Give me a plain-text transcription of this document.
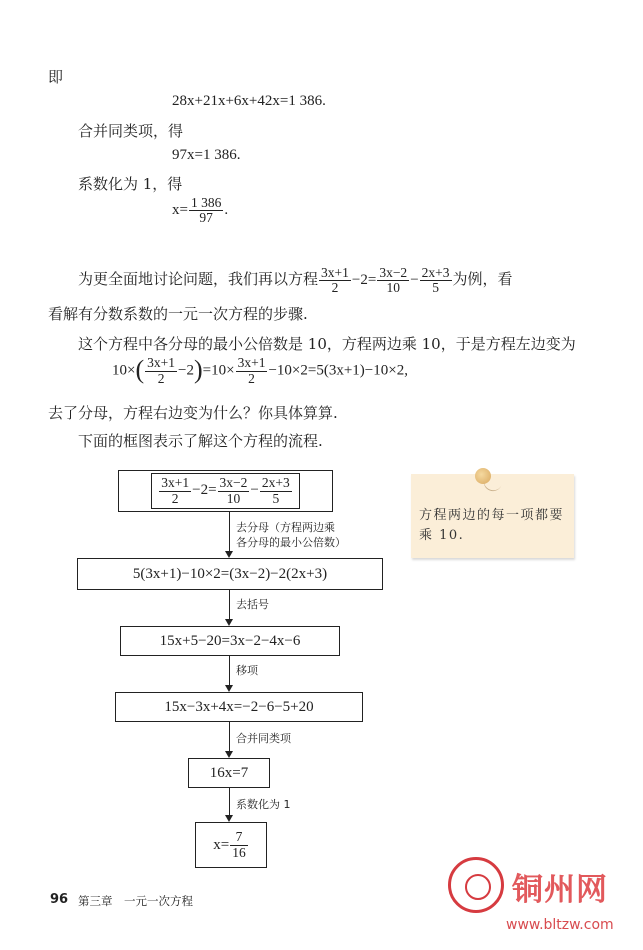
即
28x+21x+6x+42x=1 386.
合并同类项，得
97x=1 386.
系数化为 1，得
$x= \frac{1 386}{97}$ .
为更全面地讨论问题，我们再以方程 $\frac{3x+1}{2} -2= \frac{3x-2}{10} - \frac{2x+3}{5}$ 为例，看
看解有分数系数的一元一次方程的步骤.
这个方程中各分母的最小公倍数是 10，方程两边乘 10，于是方程左边变为
$10\times( \frac{3x+1}{2} -2)=10\times \frac{3x+1}{2} -10\times 2=5(3x+1)-10\times 2$,
去了分母，方程右边变为什么？你具体算算.
下面的框图表示了解这个方程的流程.
$\frac{3x+1}{2} -2= \frac{3x-2}{10} - \frac{2x+3}{5}$
去分母（方程两边乘
各分母的最小公倍数）
5(3x+1)−10×2=(3x−2)−2(2x+3)
去括号
15x+5−20=3x−2−4x−6
移项
15x−3x+4x=−2−6−5+20
合并同类项
16x=7
系数化为 1
$x= \frac{7}{16}$
方程两边的每一项都要乘 10.
96 第三章　一元一次方程	铜州网
www.bltzw.com
